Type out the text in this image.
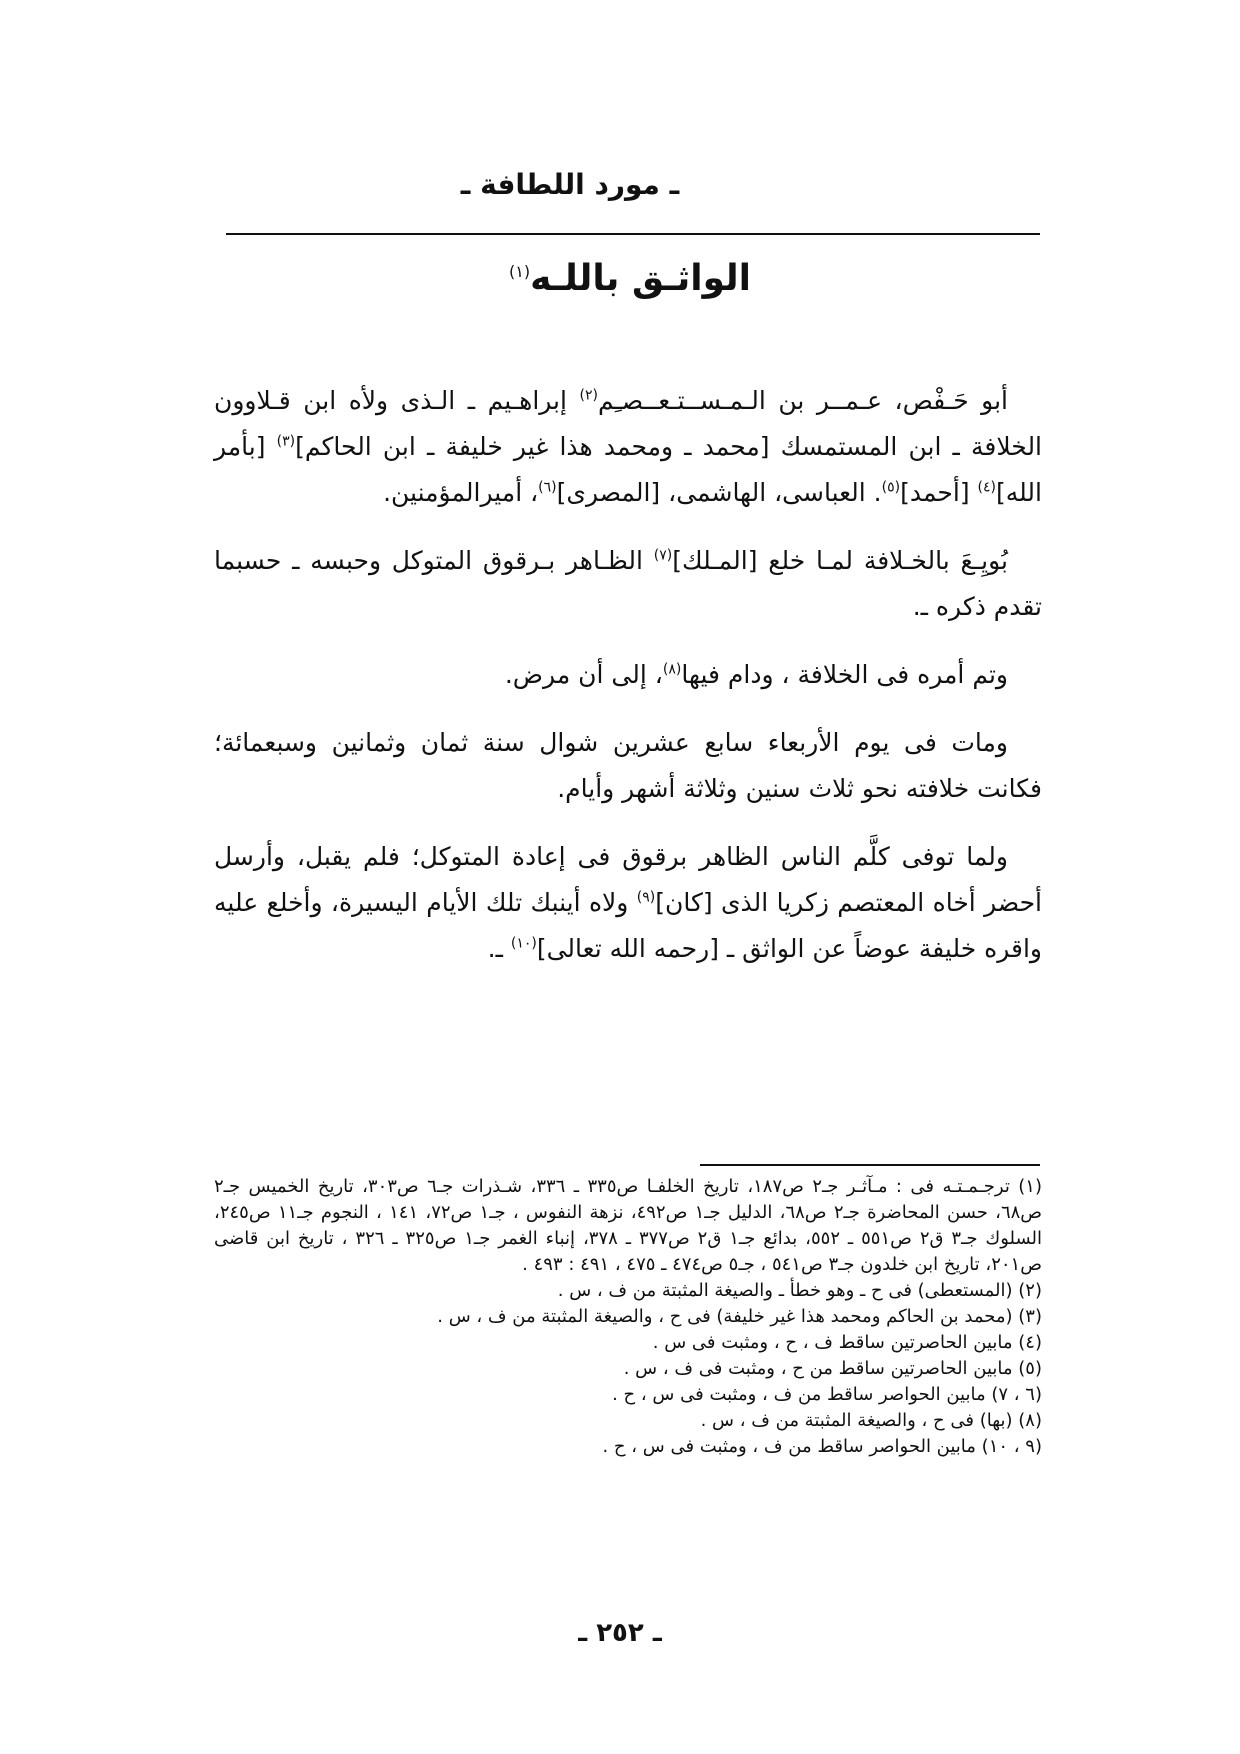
ـ مورد اللطافة ـ
الواثـق باللـه$^{(١)}$

أبو حَـفْص، عـمــر بن الـمـســتـعــصـِم$^{(٢)}$ إبراهـيم ـ الـذى ولأه ابن قـلاوون الخلافة ـ ابن المستمسك [محمد ـ ومحمد هذا غير خليفة ـ ابن الحاكم]$^{(٣)}$ [بأمر الله]$^{(٤)}$ [أحمد]$^{(٥)}$. العباسى، الهاشمى، [المصرى]$^{(٦)}$، أميرالمؤمنين.

بُويِـعَ بالخـلافة لمـا خلع [المـلك]$^{(٧)}$ الظـاهر بـرقوق المتوكل وحبسه ـ حسبما تقدم ذكره ـ.

وتم أمره فى الخلافة ، ودام فيها$^{(٨)}$، إلى أن مرض.

ومات فى يوم الأربعاء سابع عشرين شوال سنة ثمان وثمانين وسبعمائة؛ فكانت خلافته نحو ثلاث سنين وثلاثة أشهر وأيام.

ولما توفى كلَّم الناس الظاهر برقوق فى إعادة المتوكل؛ فلم يقبل، وأرسل أحضر أخاه المعتصم زكريا الذى [كان]$^{(٩)}$ ولاه أينبك تلك الأيام اليسيرة، وأخلع عليه واقره خليفة عوضاً عن الواثق ـ [رحمه الله تعالى]$^{(١٠)}$ ـ.

(١) ترجـمـتـه فى : مـآثـر جـ٢ ص١٨٧، تاريخ الخلفـا ص٣٣٥ ـ ٣٣٦، شـذرات جـ٦ ص٣٠٣، تاريخ الخميس جـ٢ ص٦٨، حسن المحاضرة جـ٢ ص٦٨، الدليل جـ١ ص٤٩٢، نزهة النفوس ، جـ١ ص٧٢، ١٤١ ، النجوم جـ١١ ص٢٤٥، السلوك جـ٣ ق٢ ص٥٥١ ـ ٥٥٢، بدائع جـ١ ق٢ ص٣٧٧ ـ ٣٧٨، إنباء الغمر جـ١ ص٣٢٥ ـ ٣٢٦ ، تاريخ ابن قاضى ص٢٠١، تاريخ ابن خلدون جـ٣ ص٥٤١ ، جـ٥ ص٤٧٤ ـ ٤٧٥ ، ٤٩١ : ٤٩٣ .

(٢) (المستعطى) فى ح ـ وهو خطأ ـ والصيغة المثبتة من ف ، س .

(٣) (محمد بن الحاكم ومحمد هذا غير خليفة) فى ح ، والصيغة المثبتة من ف ، س .

(٤) مابين الحاصرتين ساقط ف ، ح ، ومثبت فى س .

(٥) مابين الحاصرتين ساقط من ح ، ومثبت فى ف ، س .

(٦ ، ٧) مابين الحواصر ساقط من ف ، ومثبت فى س ، ح .

(٨) (بها) فى ح ، والصيغة المثبتة من ف ، س .

(٩ ، ١٠) مابين الحواصر ساقط من ف ، ومثبت فى س ، ح .

ـ ٢٥٢ ـ
